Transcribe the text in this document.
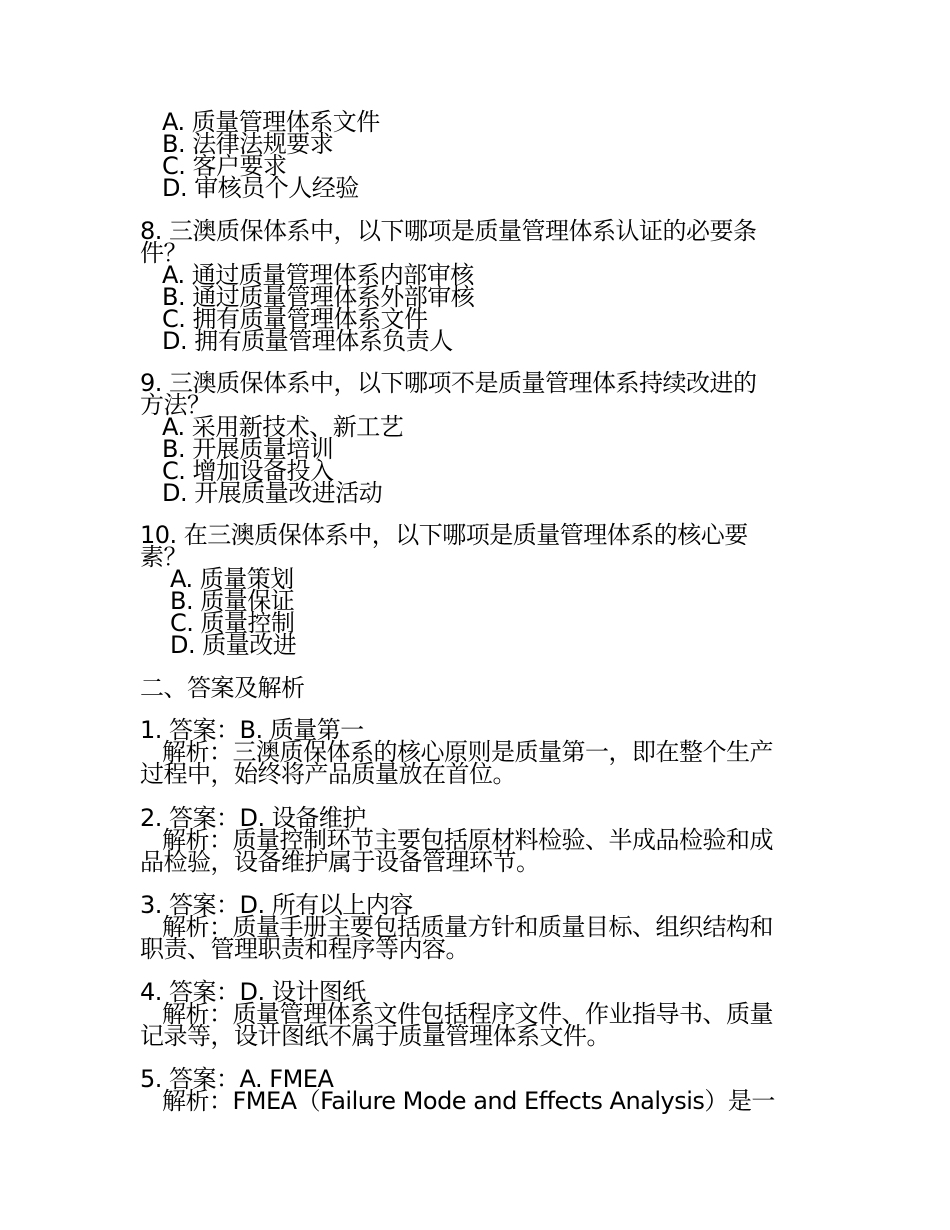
A. 质量管理体系文件
B. 法律法规要求
C. 客户要求
D. 审核员个人经验
8. 三澳质保体系中，以下哪项是质量管理体系认证的必要条
件？
A. 通过质量管理体系内部审核
B. 通过质量管理体系外部审核
C. 拥有质量管理体系文件
D. 拥有质量管理体系负责人
9. 三澳质保体系中，以下哪项不是质量管理体系持续改进的
方法？
A. 采用新技术、新工艺
B. 开展质量培训
C. 增加设备投入
D. 开展质量改进活动
10. 在三澳质保体系中，以下哪项是质量管理体系的核心要
素？
A. 质量策划
B. 质量保证
C. 质量控制
D. 质量改进
二、答案及解析
1. 答案：B. 质量第一
解析：三澳质保体系的核心原则是质量第一，即在整个生产
过程中，始终将产品质量放在首位。
2. 答案：D. 设备维护
解析：质量控制环节主要包括原材料检验、半成品检验和成
品检验，设备维护属于设备管理环节。
3. 答案：D. 所有以上内容
解析：质量手册主要包括质量方针和质量目标、组织结构和
职责、管理职责和程序等内容。
4. 答案：D. 设计图纸
解析：质量管理体系文件包括程序文件、作业指导书、质量
记录等，设计图纸不属于质量管理体系文件。
5. 答案：A. FMEA
解析：FMEA（Failure Mode and Effects Analysis）是一
